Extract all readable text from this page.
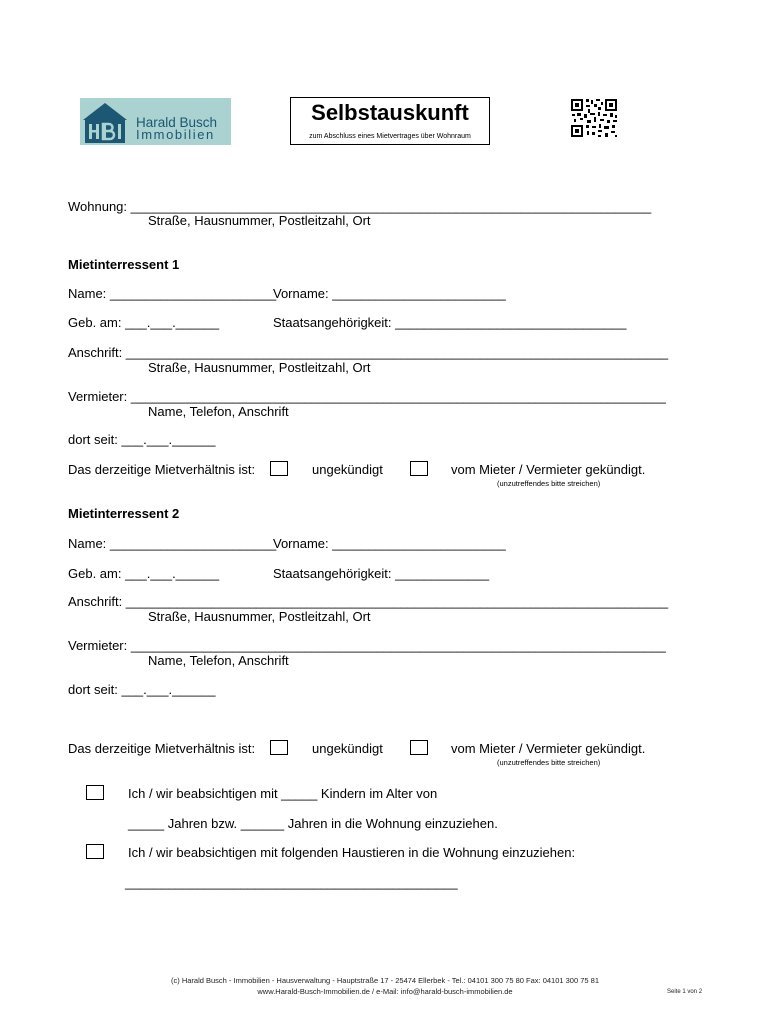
Harald Busch
Immobilien
Selbstauskunft
zum Abschluss eines Mietvertrages über Wohnraum
Wohnung: ________________________________________________________________________
Straße, Hausnummer, Postleitzahl, Ort
Mietinterressent 1
Name: _______________________
Vorname: ________________________
Geb. am: ___.___.______	Staatsangehörigkeit: ________________________________
Anschrift: ___________________________________________________________________________
Straße, Hausnummer, Postleitzahl, Ort
Vermieter: __________________________________________________________________________
Name, Telefon, Anschrift
dort seit: ___.___.______
Das derzeitige Mietverhältnis ist:	ungekündigt	vom Mieter / Vermieter gekündigt.
(unzutreffendes bitte streichen)
Mietinterressent 2
Name: _______________________
Vorname: ________________________
Geb. am: ___.___.______	Staatsangehörigkeit: _____________
Anschrift: ___________________________________________________________________________
Straße, Hausnummer, Postleitzahl, Ort
Vermieter: __________________________________________________________________________
Name, Telefon, Anschrift
dort seit: ___.___.______
Das derzeitige Mietverhältnis ist:	ungekündigt	vom Mieter / Vermieter gekündigt.
(unzutreffendes bitte streichen)
Ich / wir beabsichtigen mit _____ Kindern im Alter von
_____ Jahren bzw. ______ Jahren in die Wohnung einzuziehen.
Ich / wir beabsichtigen mit folgenden Haustieren in die Wohnung einzuziehen:
______________________________________________
(c) Harald Busch - Immobilien - Hausverwaltung - Hauptstraße 17 - 25474 Ellerbek - Tel.: 04101 300 75 80 Fax: 04101 300 75 81
www.Harald-Busch-Immobilien.de / e-Mail: info@harald-busch-immobilien.de	Seite 1 von 2
